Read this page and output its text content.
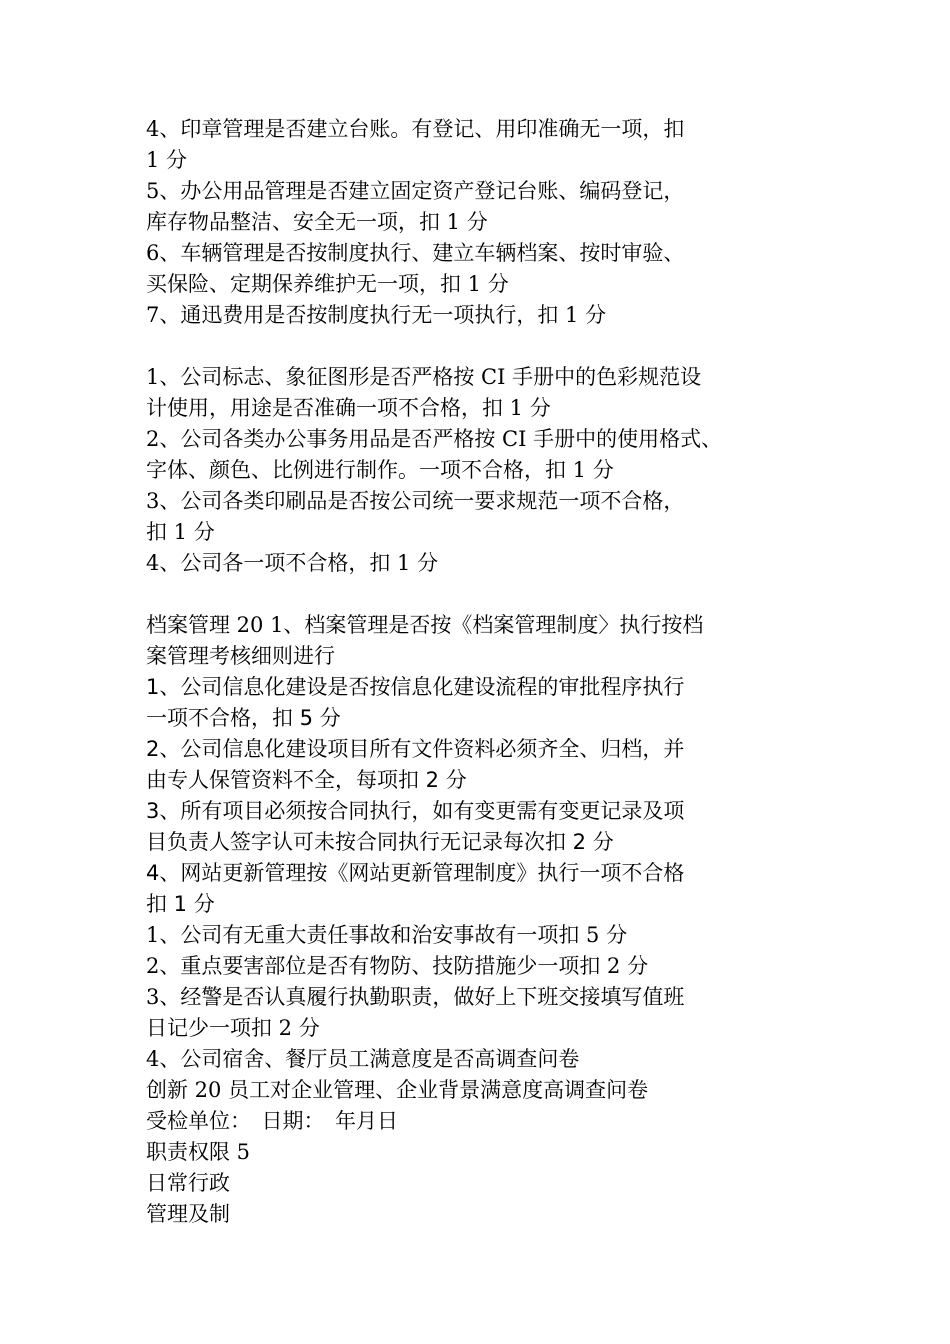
4、印章管理是否建立台账。有登记、用印准确无一项，扣
1 分
5、办公用品管理是否建立固定资产登记台账、编码登记，
库存物品整洁、安全无一项，扣 1 分
6、车辆管理是否按制度执行、建立车辆档案、按时审验、
买保险、定期保养维护无一项，扣 1 分
7、通迅费用是否按制度执行无一项执行，扣 1 分
1、公司标志、象征图形是否严格按 CI 手册中的色彩规范设
计使用，用途是否准确一项不合格，扣 1 分
2、公司各类办公事务用品是否严格按 CI 手册中的使用格式、
字体、颜色、比例进行制作。一项不合格，扣 1 分
3、公司各类印刷品是否按公司统一要求规范一项不合格，
扣 1 分
4、公司各一项不合格，扣 1 分
档案管理 20 1、档案管理是否按《档案管理制度〉执行按档
案管理考核细则进行
1、公司信息化建设是否按信息化建设流程的审批程序执行
一项不合格，扣 5 分
2、公司信息化建设项目所有文件资料必须齐全、归档，并
由专人保管资料不全，每项扣 2 分
3、所有项目必须按合同执行，如有变更需有变更记录及项
目负责人签字认可未按合同执行无记录每次扣 2 分
4、网站更新管理按《网站更新管理制度》执行一项不合格
扣 1 分
1、公司有无重大责任事故和治安事故有一项扣 5 分
2、重点要害部位是否有物防、技防措施少一项扣 2 分
3、经警是否认真履行执勤职责，做好上下班交接填写值班
日记少一项扣 2 分
4、公司宿舍、餐厅员工满意度是否高调查问卷
创新 20 员工对企业管理、企业背景满意度高调查问卷
受检单位：　日期：　年月日
职责权限 5
日常行政
管理及制
